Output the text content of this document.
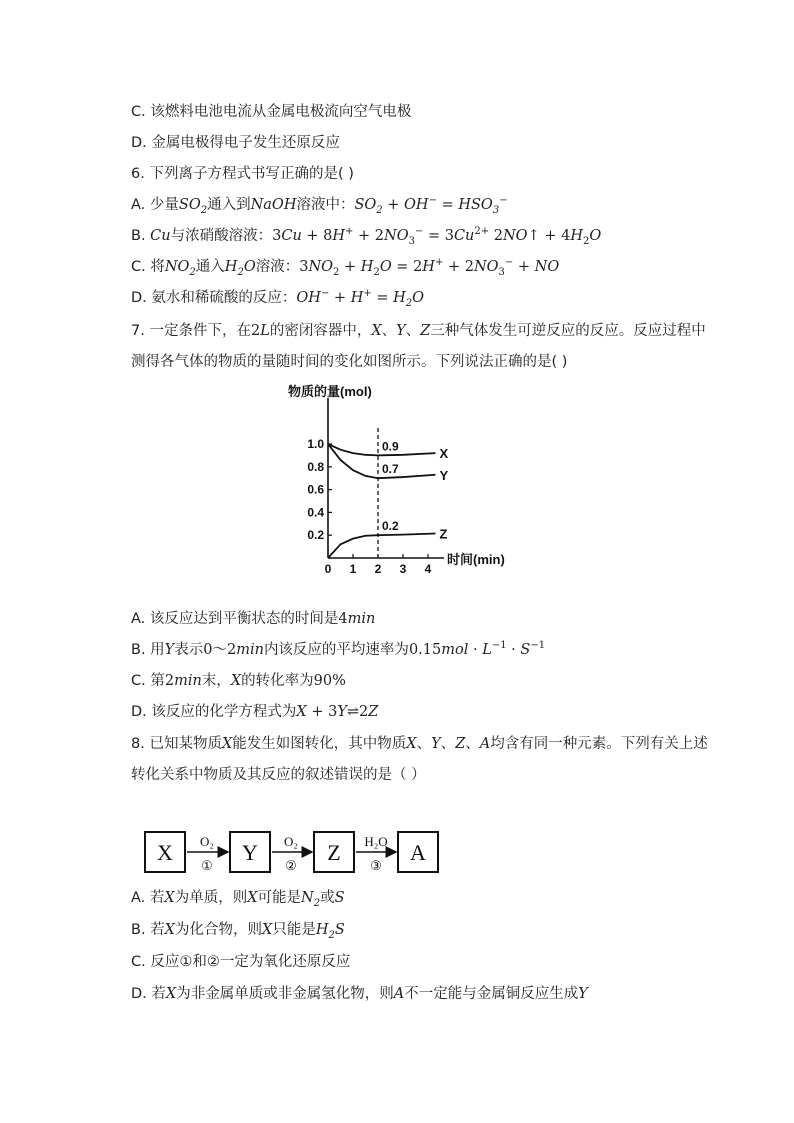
C. 该燃料电池电流从金属电极流向空气电极
D. 金属电极得电子发生还原反应
6. 下列离子方程式书写正确的是( )
A. 少量$SO_2$通入到NaOH溶液中：$SO_2 + OH^- = HSO_3^-$
B. Cu与浓硝酸溶液：$3Cu + 8H^+ + 2NO_3^- = 3Cu^{2+}$ 2NO↑ + $4H_2O$
C. 将$NO_2$通入$H_2O$溶液：$3NO_2 + H_2O = 2H^+ + 2NO_3^-$ + NO
D. 氨水和稀硫酸的反应：$OH^- + H^+ = H_2O$
7. 一定条件下，在2L的密闭容器中，X、Y、Z三种气体发生可逆反应的反应。反应过程中
测得各气体的物质的量随时间的变化如图所示。下列说法正确的是( )
物质的量(mol)
时间(min)
0.2
0.4
0.6
0.8
1.0
0 1 2 3 4
X
0.9
Y
0.7
Z
0.2
A. 该反应达到平衡状态的时间是4min
B. 用Y表示0～2min内该反应的平均速率为$0.15mol \cdot L^{-1} \cdot S^{-1}$
C. 第2min末，X的转化率为90%
D. 该反应的化学方程式为X + 3Y⇌2Z
8. 已知某物质X能发生如图转化，其中物质X、Y、Z、A均含有同一种元素。下列有关上述
转化关系中物质及其反应的叙述错误的是（ ）
X O₂
①
Y O₂
②
Z H₂O
③
A
A. 若X为单质，则X可能是$N_2$或S
B. 若X为化合物，则X只能是$H_2S$
C. 反应①和②一定为氧化还原反应
D. 若X为非金属单质或非金属氢化物，则A不一定能与金属铜反应生成Y
